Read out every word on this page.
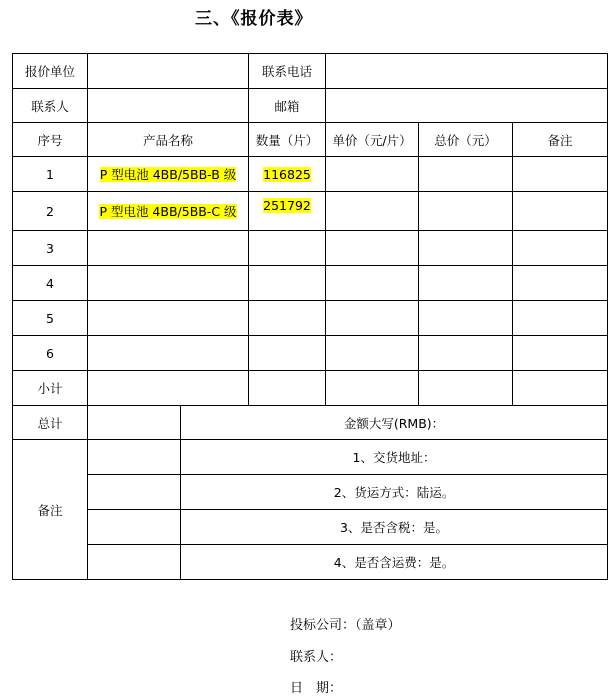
三、《报价表》
报价单位			联系电话			
联系人			邮箱			
序号	产品名称		数量（片）	单价（元/片）	总价（元）	备注
1	P 型电池 4BB/5BB-B 级		116825			
2	P 型电池 4BB/5BB-C 级		251792			
3						
4						
5						
6						
小计						
总计		金额大写(RMB)：				
备注		1、交货地址：				
		2、货运方式：陆运。				
		3、是否含税：是。				
		4、是否含运费：是。				
投标公司：（盖章）
联系人：
日　期：
